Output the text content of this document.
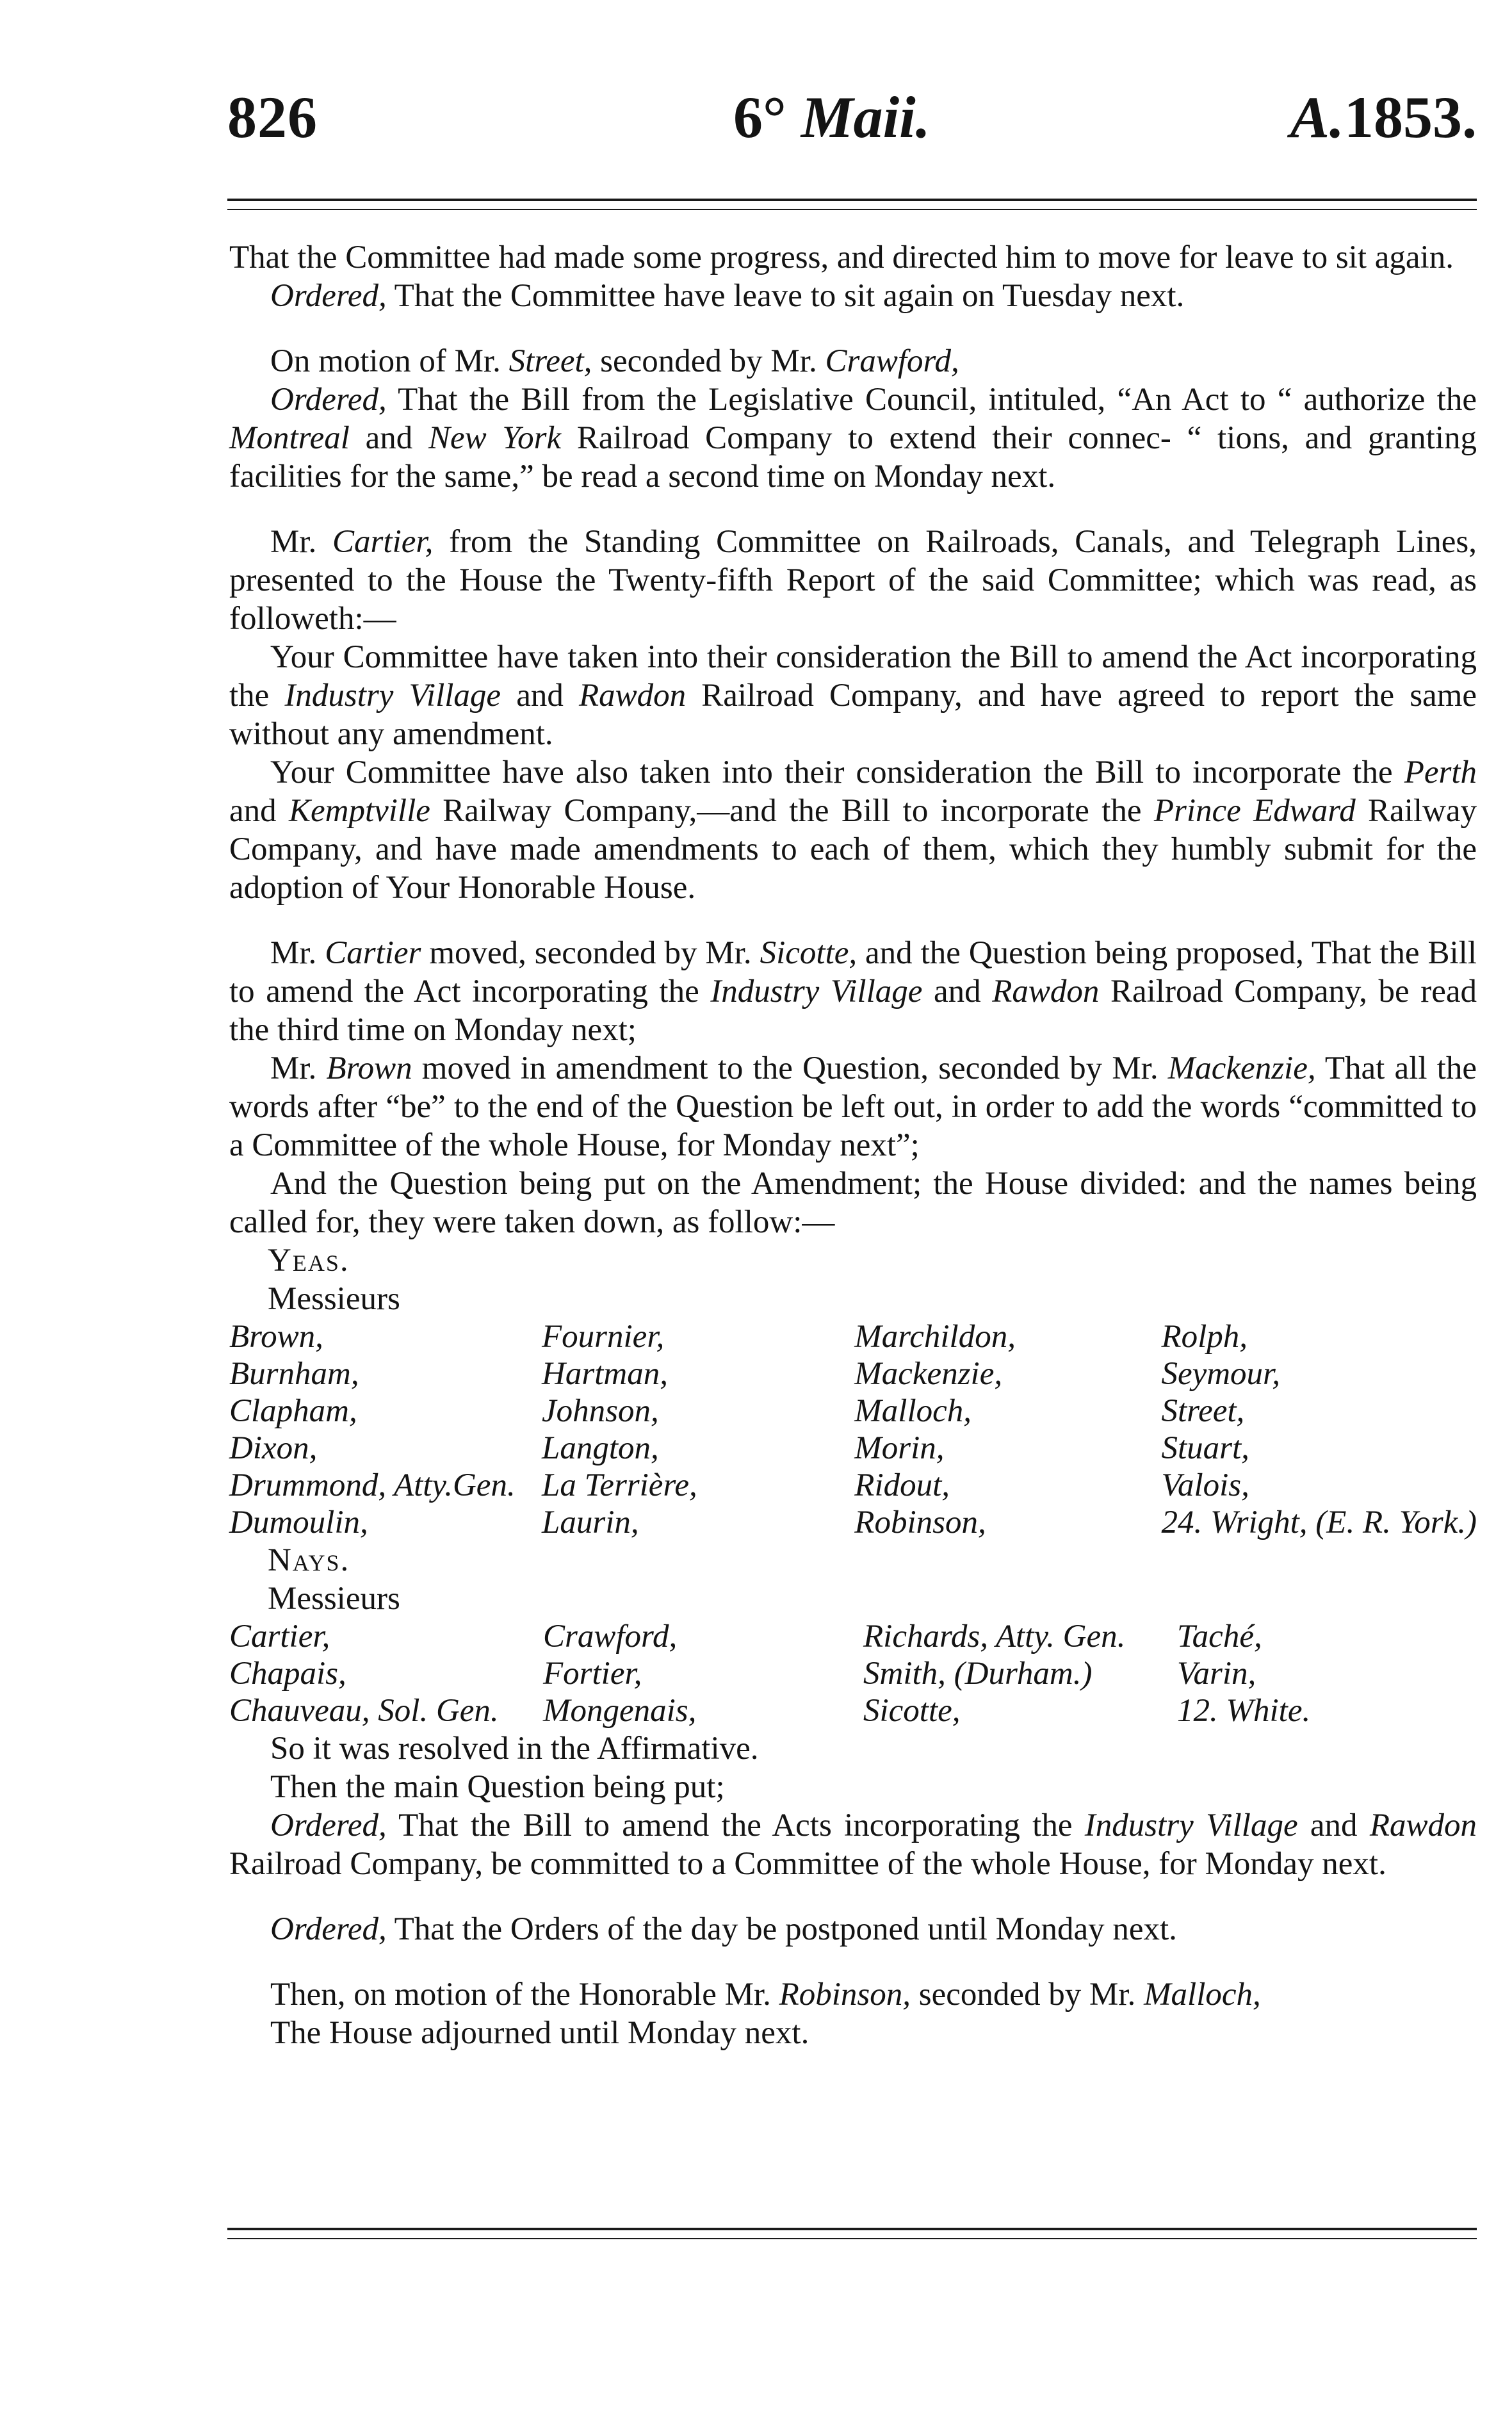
826	6° Maii.	A.1853.

That the Committee had made some progress, and directed him to move for leave to sit again.

Ordered, That the Committee have leave to sit again on Tuesday next.

On motion of Mr. Street, seconded by Mr. Crawford,

Ordered, That the Bill from the Legislative Council, intituled, “An Act to “ authorize the Montreal and New York Railroad Company to extend their connec- “ tions, and granting facilities for the same,” be read a second time on Monday next.

Mr. Cartier, from the Standing Committee on Railroads, Canals, and Telegraph Lines, presented to the House the Twenty-fifth Report of the said Committee; which was read, as followeth:—

Your Committee have taken into their consideration the Bill to amend the Act incorporating the Industry Village and Rawdon Railroad Company, and have agreed to report the same without any amendment.

Your Committee have also taken into their consideration the Bill to incorporate the Perth and Kemptville Railway Company,—and the Bill to incorporate the Prince Edward Railway Company, and have made amendments to each of them, which they humbly submit for the adoption of Your Honorable House.

Mr. Cartier moved, seconded by Mr. Sicotte, and the Question being proposed, That the Bill to amend the Act incorporating the Industry Village and Rawdon Railroad Company, be read the third time on Monday next;

Mr. Brown moved in amendment to the Question, seconded by Mr. Mackenzie, That all the words after “be” to the end of the Question be left out, in order to add the words “committed to a Committee of the whole House, for Monday next”;

And the Question being put on the Amendment; the House divided: and the names being called for, they were taken down, as follow:—

Yeas.

Messieurs

Brown,	Fournier,	Marchildon,	Rolph,
Burnham,	Hartman,	Mackenzie,	Seymour,
Clapham,	Johnson,	Malloch,	Street,
Dixon,	Langton,	Morin,	Stuart,
Drummond, Atty.Gen.	La Terrière,	Ridout,	Valois,
Dumoulin,	Laurin,	Robinson,	24. Wright, (E. R. York.)

Nays.

Messieurs

Cartier,	Crawford,	Richards, Atty. Gen.	Taché,
Chapais,	Fortier,	Smith, (Durham.)	Varin,
Chauveau, Sol. Gen.	Mongenais,	Sicotte,	12. White.

So it was resolved in the Affirmative.

Then the main Question being put;

Ordered, That the Bill to amend the Acts incorporating the Industry Village and Rawdon Railroad Company, be committed to a Committee of the whole House, for Monday next.

Ordered, That the Orders of the day be postponed until Monday next.

Then, on motion of the Honorable Mr. Robinson, seconded by Mr. Malloch,

The House adjourned until Monday next.
